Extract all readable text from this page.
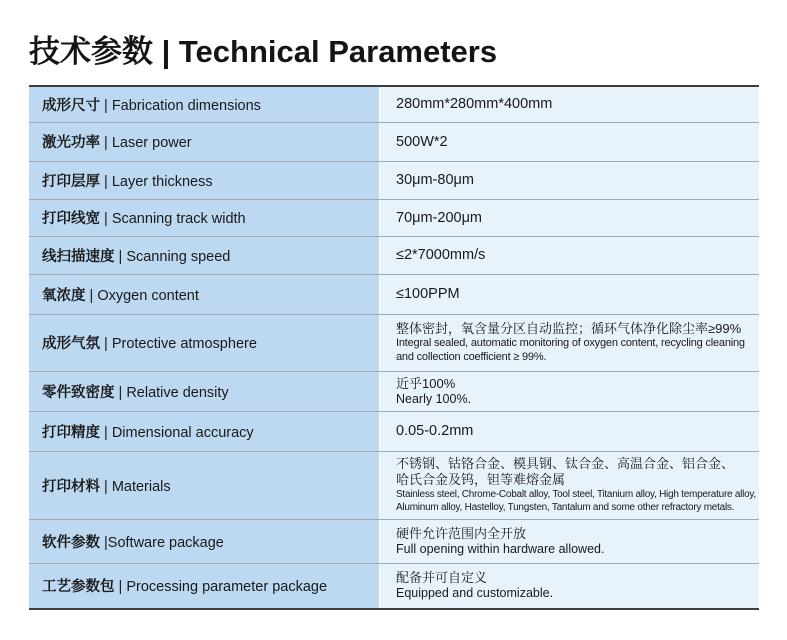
技术参数 | Technical Parameters
成形尺寸 | Fabrication dimensions	280mm*280mm*400mm
激光功率 | Laser power	500W*2
打印层厚 | Layer thickness	30μm-80μm
打印线宽 | Scanning track width	70μm-200μm
线扫描速度 | Scanning speed	≤2*7000mm/s
氧浓度 | Oxygen content	≤100PPM
成形气氛 | Protective atmosphere	整体密封，氧含量分区自动监控；循环气体净化除尘率≥99%
Integral sealed, automatic monitoring of oxygen content, recycling cleaning and collection coefficient ≥ 99%.

零件致密度 | Relative density	近乎100%
Nearly 100%.

打印精度 | Dimensional accuracy	0.05-0.2mm
打印材料 | Materials	不锈钢、钴铬合金、模具钢、钛合金、高温合金、铝合金、哈氏合金及钨，钽等难熔金属
Stainless steel, Chrome-Cobalt alloy, Tool steel, Titanium alloy, High temperature alloy, Aluminum alloy, Hastelloy, Tungsten, Tantalum and some other refractory metals.

软件参数 |Software package	硬件允许范围内全开放
Full opening within hardware allowed.

工艺参数包 | Processing parameter package	配备并可自定义
Equipped and customizable.
